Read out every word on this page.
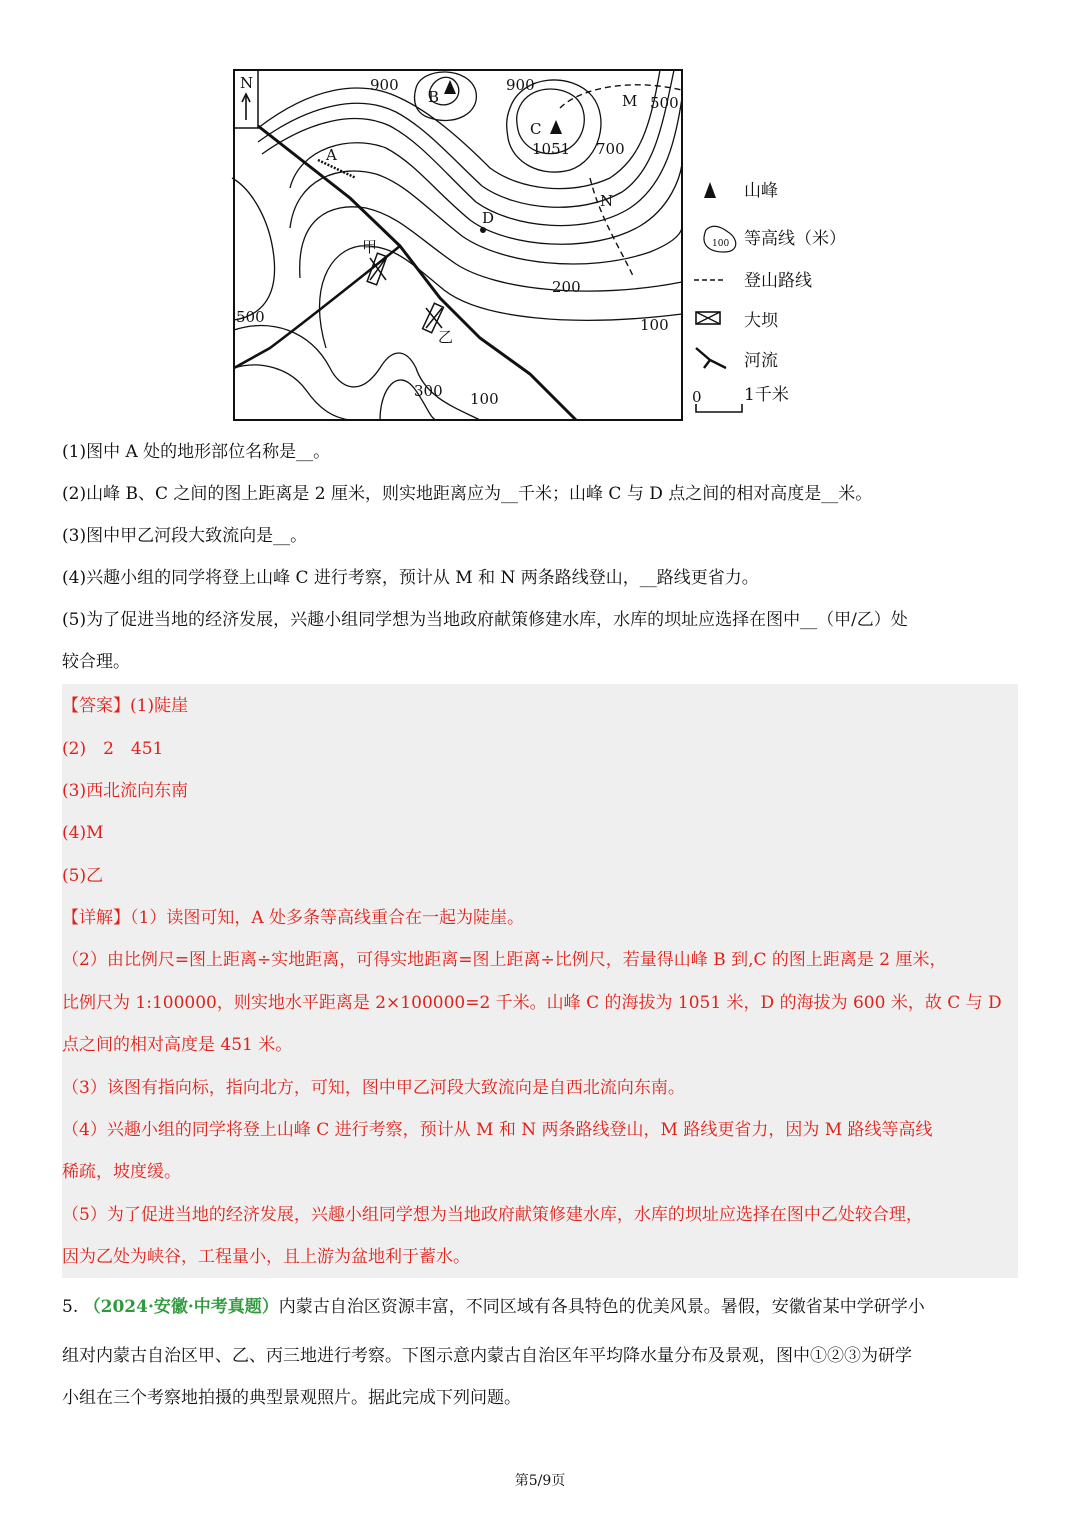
N
B
C
1051
A
D
M
N
甲
乙
900	900
500
700
200
500	100
300 100
100
山峰
等高线（米）
登山路线
大坝
河流
0 1千米
(1)图中 A 处的地形部位名称是__。
(2)山峰 B、C 之间的图上距离是 2 厘米，则实地距离应为__千米；山峰 C 与 D 点之间的相对高度是__米。
(3)图中甲乙河段大致流向是__。
(4)兴趣小组的同学将登上山峰 C 进行考察，预计从 M 和 N 两条路线登山，__路线更省力。
(5)为了促进当地的经济发展，兴趣小组同学想为当地政府献策修建水库，水库的坝址应选择在图中__（甲/乙）处
较合理。
【答案】(1)陡崖
(2)　2　451
(3)西北流向东南
(4)M
(5)乙
【详解】（1）读图可知，A 处多条等高线重合在一起为陡崖。
（2）由比例尺=图上距离÷实地距离，可得实地距离=图上距离÷比例尺，若量得山峰 B 到,C 的图上距离是 2 厘米，
比例尺为 1:100000，则实地水平距离是 2×100000=2 千米。山峰 C 的海拔为 1051 米，D 的海拔为 600 米，故 C 与 D
点之间的相对高度是 451 米。
（3）该图有指向标，指向北方，可知，图中甲乙河段大致流向是自西北流向东南。
（4）兴趣小组的同学将登上山峰 C 进行考察，预计从 M 和 N 两条路线登山，M 路线更省力，因为 M 路线等高线
稀疏，坡度缓。
（5）为了促进当地的经济发展，兴趣小组同学想为当地政府献策修建水库，水库的坝址应选择在图中乙处较合理，
因为乙处为峡谷，工程量小，且上游为盆地利于蓄水。
5. （2024·安徽·中考真题）内蒙古自治区资源丰富，不同区域有各具特色的优美风景。暑假，安徽省某中学研学小
组对内蒙古自治区甲、乙、丙三地进行考察。下图示意内蒙古自治区年平均降水量分布及景观，图中①②③为研学
小组在三个考察地拍摄的典型景观照片。据此完成下列问题。
第5/9页
